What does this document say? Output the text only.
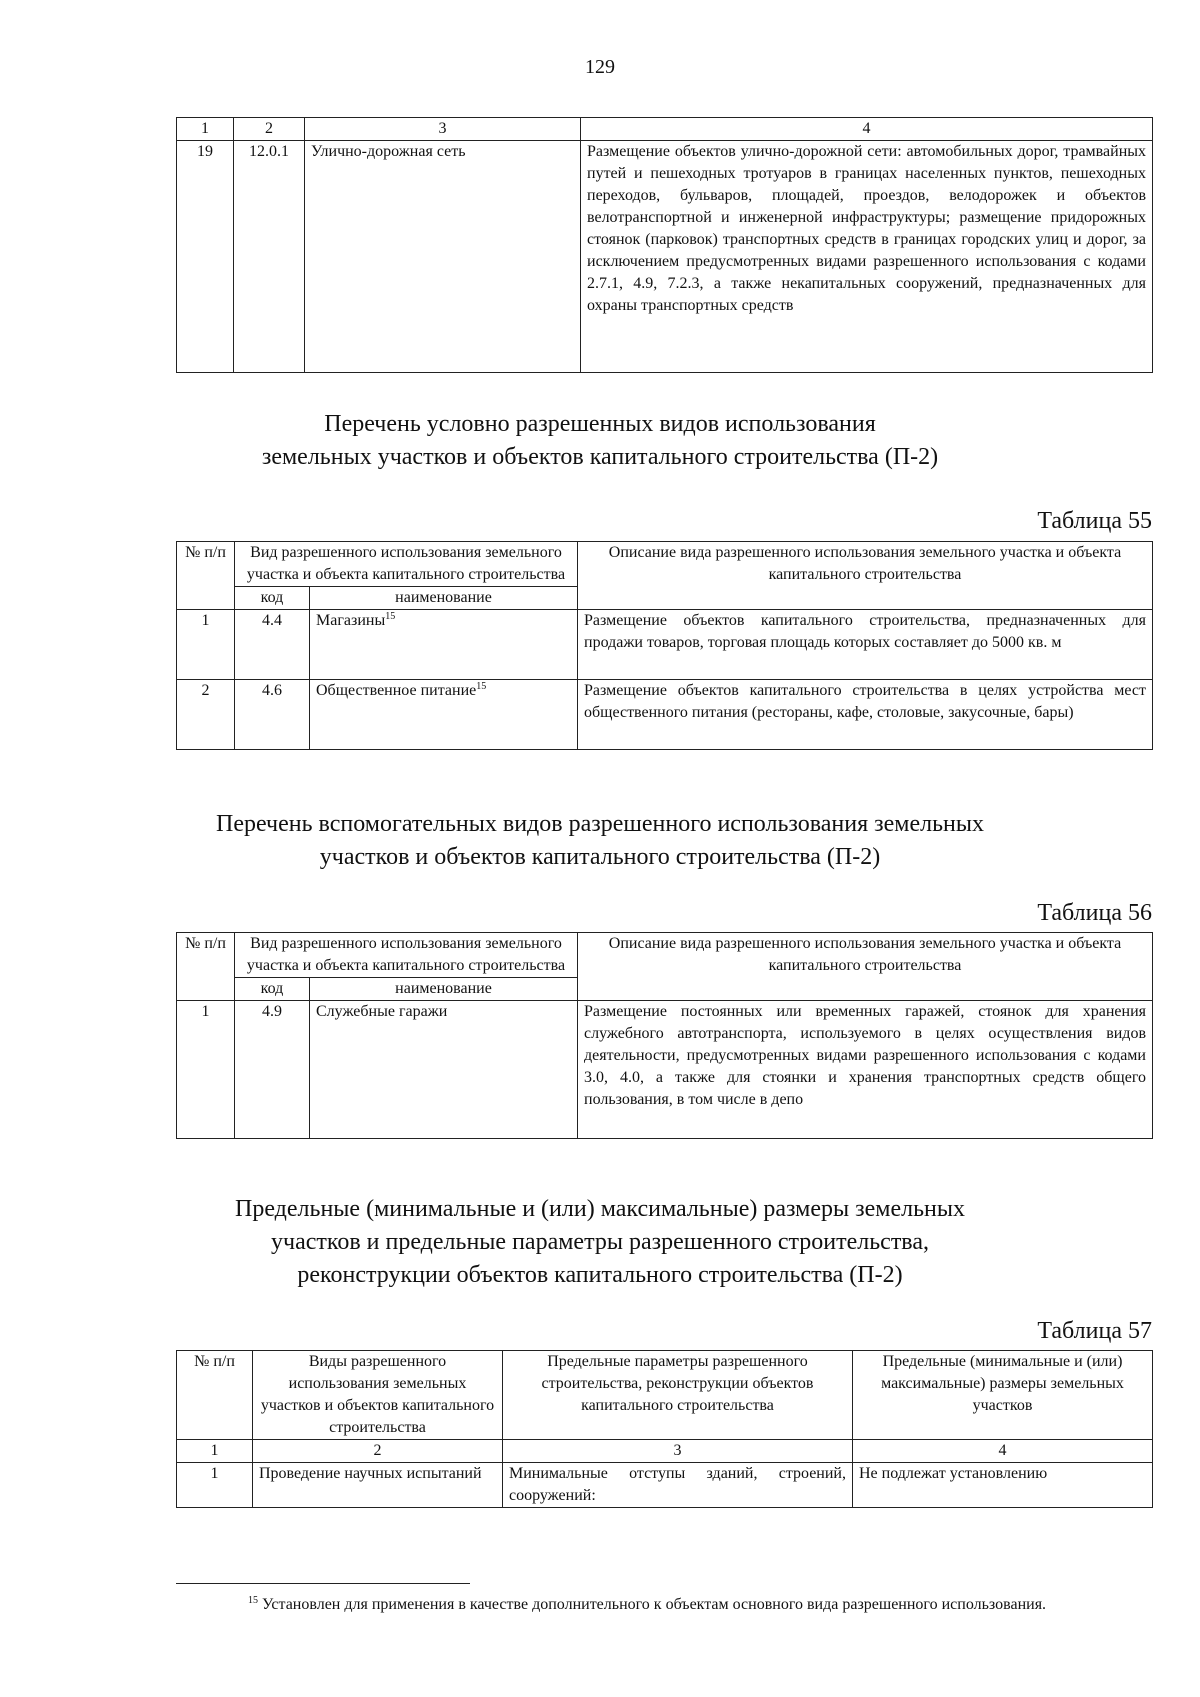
129
1	2	3	4
19	12.0.1	Улично-дорожная сеть	Размещение объектов улично-дорожной сети: автомобильных дорог, трамвайных путей и пешеходных тротуаров в границах населенных пунктов, пешеходных переходов, бульваров, площадей, проездов, велодорожек и объектов велотранспортной и инженерной инфраструктуры; размещение придорожных стоянок (парковок) транспортных средств в границах городских улиц и дорог, за исключением предусмотренных видами разрешенного использования с кодами 2.7.1, 4.9, 7.2.3, а также некапитальных сооружений, предназначенных для охраны транспортных средств
Перечень условно разрешенных видов использования
земельных участков и объектов капитального строительства (П-2)
Таблица 55
№ п/п	Вид разрешенного использования земельного участка и объекта капитального строительства		Описание вида разрешенного использования земельного участка и объекта капитального строительства
	код	наименование	
1	4.4	Магазины$^{15}$	Размещение объектов капитального строительства, предназначенных для продажи товаров, торговая площадь которых составляет до 5000 кв. м
2	4.6	Общественное питание$^{15}$	Размещение объектов капитального строительства в целях устройства мест общественного питания (рестораны, кафе, столовые, закусочные, бары)
Перечень вспомогательных видов разрешенного использования земельных
участков и объектов капитального строительства (П-2)
Таблица 56
№ п/п	Вид разрешенного использования земельного участка и объекта капитального строительства		Описание вида разрешенного использования земельного участка и объекта капитального строительства
	код	наименование	
1	4.9	Служебные гаражи	Размещение постоянных или временных гаражей, стоянок для хранения служебного автотранспорта, используемого в целях осуществления видов деятельности, предусмотренных видами разрешенного использования с кодами 3.0, 4.0, а также для стоянки и хранения транспортных средств общего пользования, в том числе в депо
Предельные (минимальные и (или) максимальные) размеры земельных
участков и предельные параметры разрешенного строительства,
реконструкции объектов капитального строительства (П-2)
Таблица 57
№ п/п	Виды разрешенного использования земельных участков и объектов капитального строительства	Предельные параметры разрешенного строительства, реконструкции объектов капитального строительства	Предельные (минимальные и (или) максимальные) размеры земельных участков
1	2	3	4
1	Проведение научных испытаний	Минимальные отступы зданий, строений, сооружений:	Не подлежат установлению
$^{15}$ Установлен для применения в качестве дополнительного к объектам основного вида разрешенного использования.
